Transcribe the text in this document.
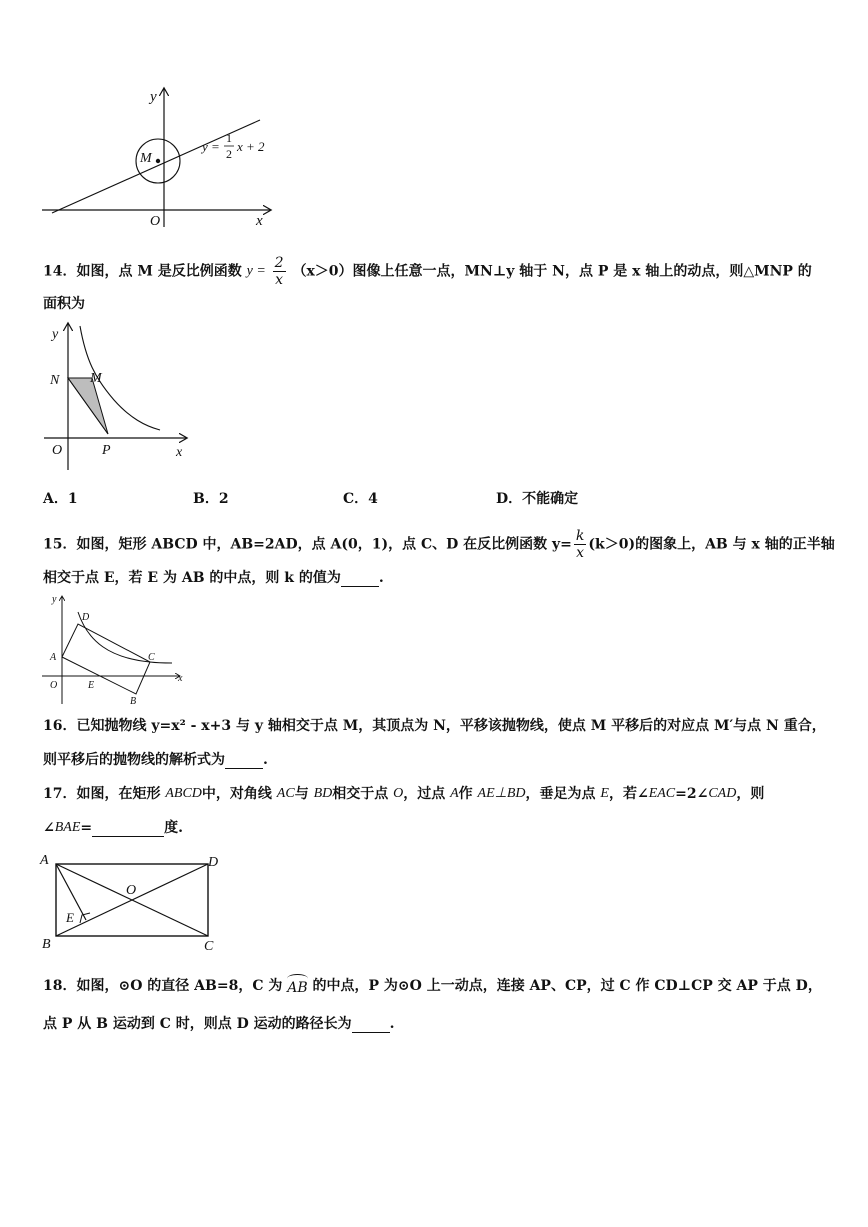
y
x
O
M
y =
1
2 x + 2
14．如图，点 M 是反比例函数 $y = \frac{2}{x} (x>0)$图像上任意一点，MN⊥y 轴于 N，点 P 是 x 轴上的动点，则△MNP 的
面积为
y
x
O
N M
P
A．1	B．2	C．4	D．不能确定
15．如图，矩形 ABCD 中，AB=2AD，点 A(0，1)，点 C、D 在反比例函数 $y= \frac{k}{x} (k>0)$的图象上，AB 与 x 轴的正半轴
相交于点 E，若 E 为 AB 的中点，则 k 的值为	.
y
x
O
A
B
C
D
E
16．已知抛物线 y=x² - x+3 与 y 轴相交于点 M，其顶点为 N，平移该抛物线，使点 M 平移后的对应点 M′与点 N 重合，
则平移后的抛物线的解析式为	.
17．如图，在矩形 ABCD中，对角线 AC与 BD相交于点 O，过点 A作 AE⊥BD，垂足为点 E，若∠EAC=2∠CAD，则
∠BAE=	度.
A
B	C
D
O
E
18．如图，⊙O 的直径 AB=8，C 为 AB 的中点，P 为⊙O 上一动点，连接 AP、CP，过 C 作 CD⊥CP 交 AP 于点 D，
点 P 从 B 运动到 C 时，则点 D 运动的路径长为	.
